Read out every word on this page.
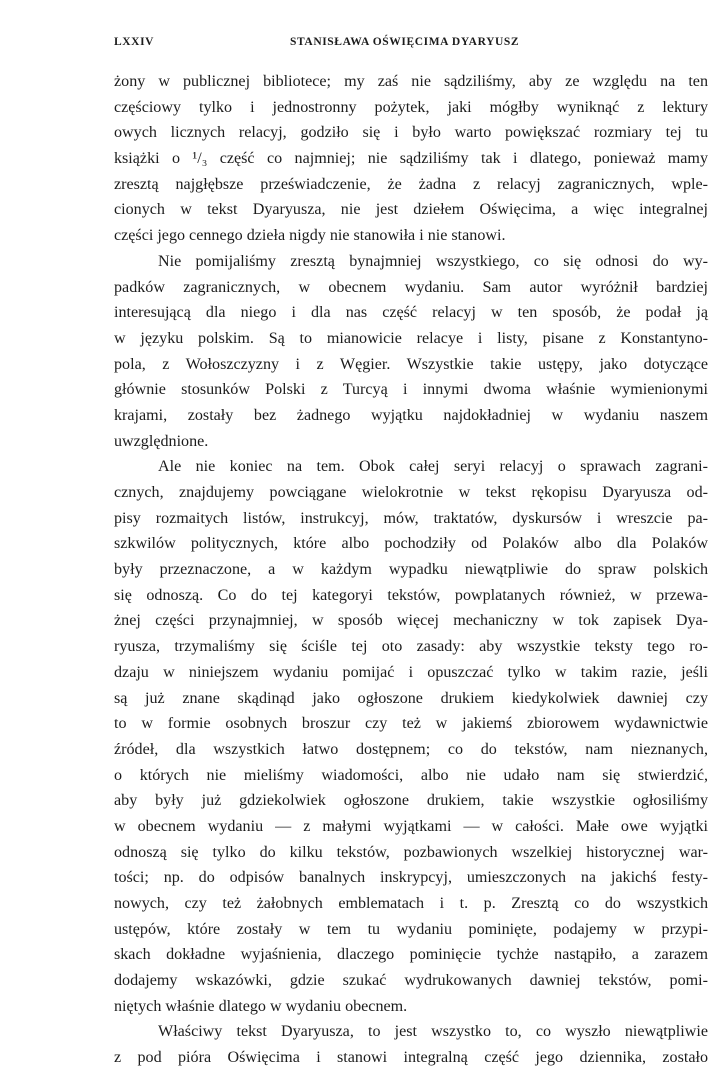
LXXIV	STANISŁAWA OŚWIĘCIMA DYARYUSZ
żony w publicznej bibliotece; my zaś nie sądziliśmy, aby ze względu na ten
częściowy tylko i jednostronny pożytek, jaki mógłby wyniknąć z lektury
owych licznych relacyj, godziło się i było warto powiększać rozmiary tej tu
książki o ¹/₃ część co najmniej; nie sądziliśmy tak i dlatego, ponieważ mamy
zresztą najgłębsze przeświadczenie, że żadna z relacyj zagranicznych, wple-
cionych w tekst Dyaryusza, nie jest dziełem Oświęcima, a więc integralnej
części jego cennego dzieła nigdy nie stanowiła i nie stanowi.
Nie pomijaliśmy zresztą bynajmniej wszystkiego, co się odnosi do wy-
padków zagranicznych, w obecnem wydaniu. Sam autor wyróżnił bardziej
interesującą dla niego i dla nas część relacyj w ten sposób, że podał ją
w języku polskim. Są to mianowicie relacye i listy, pisane z Konstantyno-
pola, z Wołoszczyzny i z Węgier. Wszystkie takie ustępy, jako dotyczące
głównie stosunków Polski z Turcyą i innymi dwoma właśnie wymienionymi
krajami, zostały bez żadnego wyjątku najdokładniej w wydaniu naszem
uwzględnione.
Ale nie koniec na tem. Obok całej seryi relacyj o sprawach zagrani-
cznych, znajdujemy powciągane wielokrotnie w tekst rękopisu Dyaryusza od-
pisy rozmaitych listów, instrukcyj, mów, traktatów, dyskursów i wreszcie pa-
szkwilów politycznych, które albo pochodziły od Polaków albo dla Polaków
były przeznaczone, a w każdym wypadku niewątpliwie do spraw polskich
się odnoszą. Co do tej kategoryi tekstów, powplatanych również, w przewa-
żnej części przynajmniej, w sposób więcej mechaniczny w tok zapisek Dya-
ryusza, trzymaliśmy się ściśle tej oto zasady: aby wszystkie teksty tego ro-
dzaju w niniejszem wydaniu pomijać i opuszczać tylko w takim razie, jeśli
są już znane skądinąd jako ogłoszone drukiem kiedykolwiek dawniej czy
to w formie osobnych broszur czy też w jakiemś zbiorowem wydawnictwie
źródeł, dla wszystkich łatwo dostępnem; co do tekstów, nam nieznanych,
o których nie mieliśmy wiadomości, albo nie udało nam się stwierdzić,
aby były już gdziekolwiek ogłoszone drukiem, takie wszystkie ogłosiliśmy
w obecnem wydaniu — z małymi wyjątkami — w całości. Małe owe wyjątki
odnoszą się tylko do kilku tekstów, pozbawionych wszelkiej historycznej war-
tości; np. do odpisów banalnych inskrypcyj, umieszczonych na jakichś festy-
nowych, czy też żałobnych emblematach i t. p. Zresztą co do wszystkich
ustępów, które zostały w tem tu wydaniu pominięte, podajemy w przypi-
skach dokładne wyjaśnienia, dlaczego pominięcie tychże nastąpiło, a zarazem
dodajemy wskazówki, gdzie szukać wydrukowanych dawniej tekstów, pomi-
niętych właśnie dlatego w wydaniu obecnem.
Właściwy tekst Dyaryusza, to jest wszystko to, co wyszło niewątpliwie
z pod pióra Oświęcima i stanowi integralną część jego dziennika, zostało
